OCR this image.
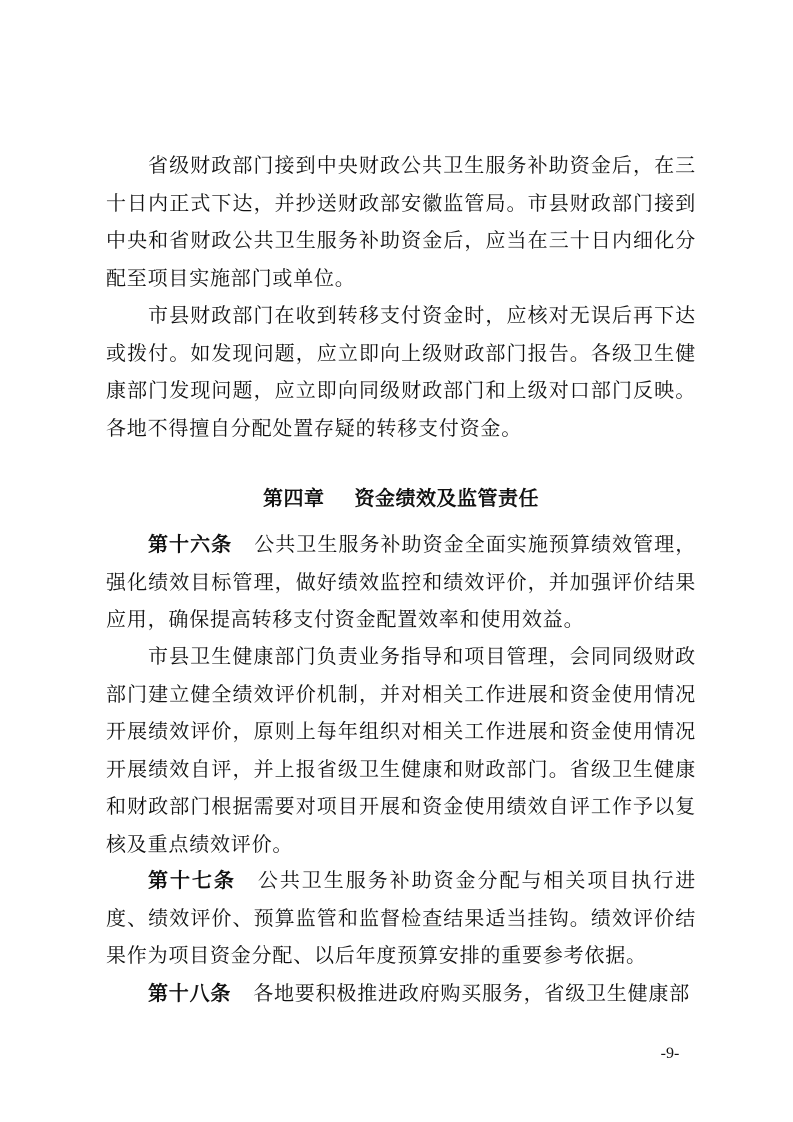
省级财政部门接到中央财政公共卫生服务补助资金后，在三十日内正式下达，并抄送财政部安徽监管局。市县财政部门接到中央和省财政公共卫生服务补助资金后，应当在三十日内细化分配至项目实施部门或单位。

市县财政部门在收到转移支付资金时，应核对无误后再下达或拨付。如发现问题，应立即向上级财政部门报告。各级卫生健康部门发现问题，应立即向同级财政部门和上级对口部门反映。各地不得擅自分配处置存疑的转移支付资金。

第四章 资金绩效及监管责任

第十六条 公共卫生服务补助资金全面实施预算绩效管理，强化绩效目标管理，做好绩效监控和绩效评价，并加强评价结果应用，确保提高转移支付资金配置效率和使用效益。

市县卫生健康部门负责业务指导和项目管理，会同同级财政部门建立健全绩效评价机制，并对相关工作进展和资金使用情况开展绩效评价，原则上每年组织对相关工作进展和资金使用情况开展绩效自评，并上报省级卫生健康和财政部门。省级卫生健康和财政部门根据需要对项目开展和资金使用绩效自评工作予以复核及重点绩效评价。

第十七条 公共卫生服务补助资金分配与相关项目执行进度、绩效评价、预算监管和监督检查结果适当挂钩。绩效评价结果作为项目资金分配、以后年度预算安排的重要参考依据。

第十八条 各地要积极推进政府购买服务，省级卫生健康部

-9-
